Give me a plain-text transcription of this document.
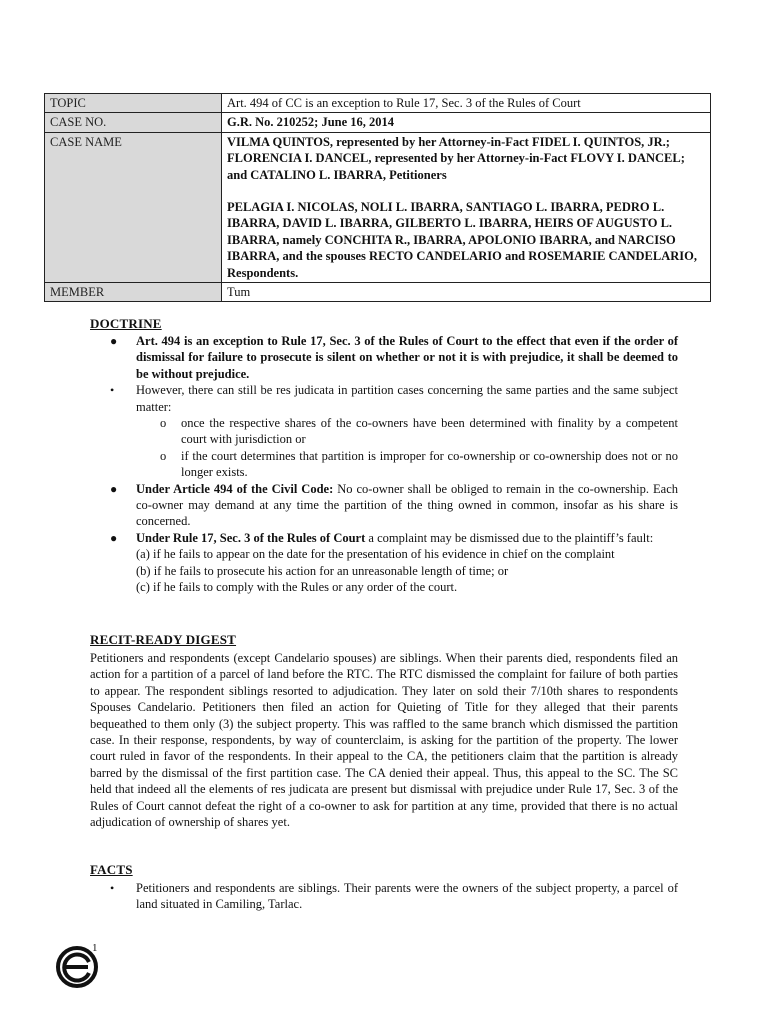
TOPIC	Art. 494 of CC is an exception to Rule 17, Sec. 3 of the Rules of Court
CASE NO.	G.R. No. 210252; June 16, 2014
CASE NAME	VILMA QUINTOS, represented by her Attorney-in-Fact FIDEL I. QUINTOS, JR.; FLORENCIA I. DANCEL, represented by her Attorney-in-Fact FLOVY I. DANCEL; and CATALINO L. IBARRA, Petitioners
PELAGIA I. NICOLAS, NOLI L. IBARRA, SANTIAGO L. IBARRA, PEDRO L. IBARRA, DAVID L. IBARRA, GILBERTO L. IBARRA, HEIRS OF AUGUSTO L. IBARRA, namely CONCHITA R., IBARRA, APOLONIO IBARRA, and NARCISO IBARRA, and the spouses RECTO CANDELARIO and ROSEMARIE CANDELARIO, Respondents.

MEMBER	Tum
DOCTRINE
● Art. 494 is an exception to Rule 17, Sec. 3 of the Rules of Court to the effect that even if the order of dismissal for failure to prosecute is silent on whether or not it is with prejudice, it shall be deemed to be without prejudice.
• However, there can still be res judicata in partition cases concerning the same parties and the same subject matter:
o once the respective shares of the co-owners have been determined with finality by a competent court with jurisdiction or
o if the court determines that partition is improper for co-ownership or co-ownership does not or no longer exists.
● Under Article 494 of the Civil Code: No co-owner shall be obliged to remain in the co-ownership. Each co-owner may demand at any time the partition of the thing owned in common, insofar as his share is concerned.
● Under Rule 17, Sec. 3 of the Rules of Court a complaint may be dismissed due to the plaintiff’s fault:
(a) if he fails to appear on the date for the presentation of his evidence in chief on the complaint
(b) if he fails to prosecute his action for an unreasonable length of time; or
(c) if he fails to comply with the Rules or any order of the court.
RECIT-READY DIGEST

Petitioners and respondents (except Candelario spouses) are siblings. When their parents died, respondents filed an action for a partition of a parcel of land before the RTC. The RTC dismissed the complaint for failure of both parties to appear. The respondent siblings resorted to adjudication. They later on sold their 7/10th shares to respondents Spouses Candelario. Petitioners then filed an action for Quieting of Title for they alleged that their parents bequeathed to them only (3) the subject property. This was raffled to the same branch which dismissed the partition case. In their response, respondents, by way of counterclaim, is asking for the partition of the property. The lower court ruled in favor of the respondents. In their appeal to the CA, the petitioners claim that the partition is already barred by the dismissal of the first partition case. The CA denied their appeal. Thus, this appeal to the SC. The SC held that indeed all the elements of res judicata are present but dismissal with prejudice under Rule 17, Sec. 3 of the Rules of Court cannot defeat the right of a co-owner to ask for partition at any time, provided that there is no actual adjudication of ownership of shares yet.

FACTS
• Petitioners and respondents are siblings. Their parents were the owners of the subject property, a parcel of land situated in Camiling, Tarlac.
1
